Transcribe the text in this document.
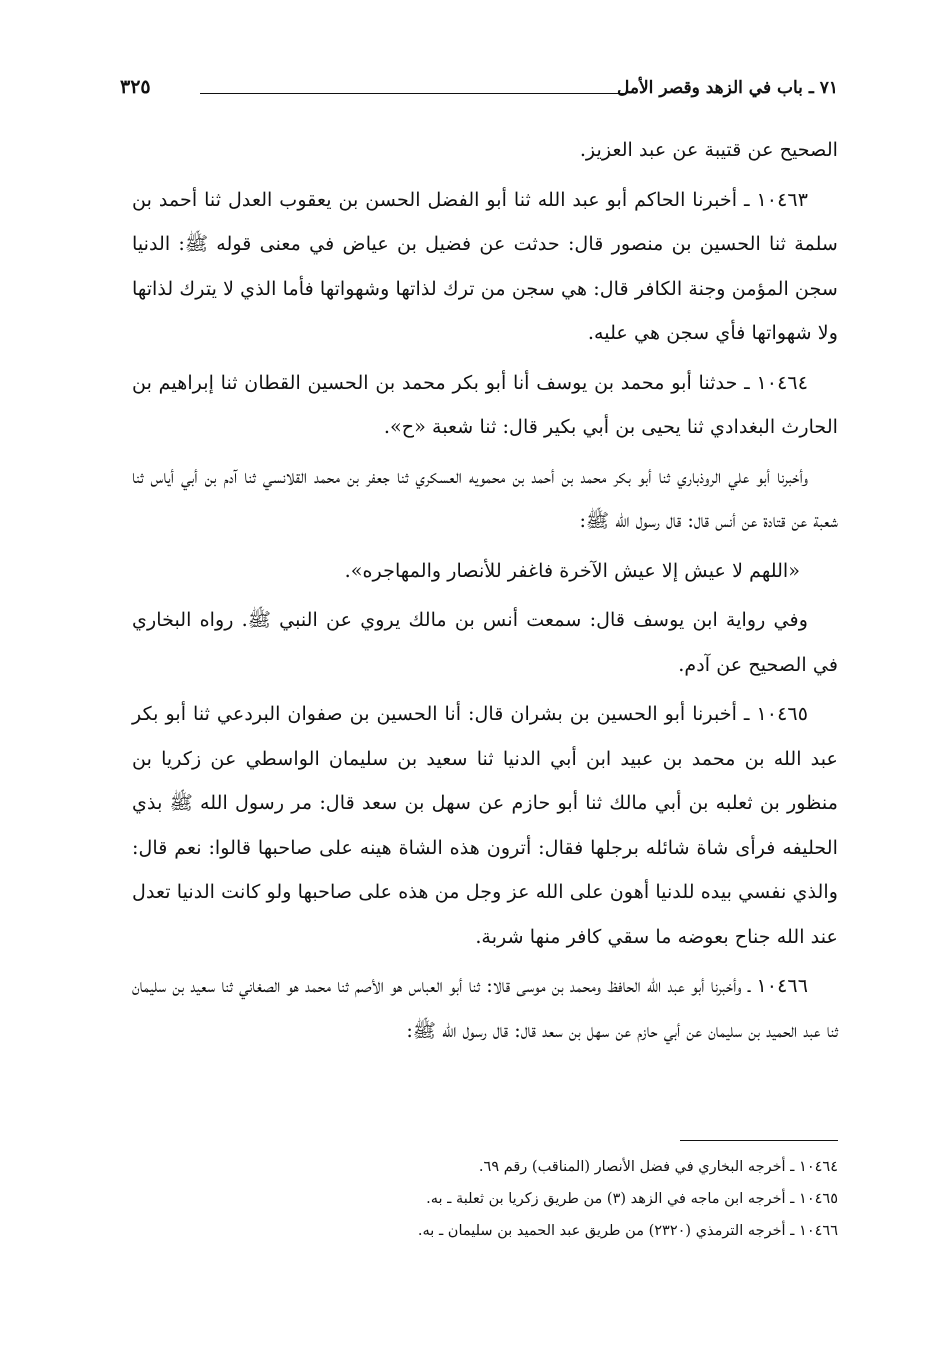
٧١ ـ باب في الزهد وقصر الأمل
٣٢٥

الصحيح عن قتيبة عن عبد العزيز.

١٠٤٦٣ ـ أخبرنا الحاكم أبو عبد الله ثنا أبو الفضل الحسن بن يعقوب العدل ثنا أحمد بن سلمة ثنا الحسين بن منصور قال: حدثت عن فضيل بن عياض في معنى قوله ﷺ: الدنيا سجن المؤمن وجنة الكافر قال: هي سجن من ترك لذاتها وشهواتها فأما الذي لا يترك لذاتها ولا شهواتها فأي سجن هي عليه.

١٠٤٦٤ ـ حدثنا أبو محمد بن يوسف أنا أبو بكر محمد بن الحسين القطان ثنا إبراهيم بن الحارث البغدادي ثنا يحيى بن أبي بكير قال: ثنا شعبة «ح».

وأخبرنا أبو علي الروذباري ثنا أبو بكر محمد بن أحمد بن محمويه العسكري ثنا جعفر بن محمد القلانسي ثنا آدم بن أبي أياس ثنا شعبة عن قتادة عن أنس قال: قال رسول الله ﷺ:

«اللهم لا عيش إلا عيش الآخرة فاغفر للأنصار والمهاجره».

وفي رواية ابن يوسف قال: سمعت أنس بن مالك يروي عن النبي ﷺ. رواه البخاري في الصحيح عن آدم.

١٠٤٦٥ ـ أخبرنا أبو الحسين بن بشران قال: أنا الحسين بن صفوان البردعي ثنا أبو بكر عبد الله بن محمد بن عبيد ابن أبي الدنيا ثنا سعيد بن سليمان الواسطي عن زكريا بن منظور بن ثعلبه بن أبي مالك ثنا أبو حازم عن سهل بن سعد قال: مر رسول الله ﷺ بذي الحليفه فرأى شاة شائله برجلها فقال: أترون هذه الشاة هينه على صاحبها قالوا: نعم قال: والذي نفسي بيده للدنيا أهون على الله عز وجل من هذه على صاحبها ولو كانت الدنيا تعدل عند الله جناح بعوضه ما سقي كافر منها شربة.

١٠٤٦٦ ـ وأخبرنا أبو عبد الله الحافظ ومحمد بن موسى قالا: ثنا أبو العباس هو الأصم ثنا محمد هو الصغاني ثنا سعيد بن سليمان ثنا عبد الحميد بن سليمان عن أبي حازم عن سهل بن سعد قال: قال رسول الله ﷺ:

١٠٤٦٤ ـ أخرجه البخاري في فضل الأنصار (المناقب) رقم ٦٩.

١٠٤٦٥ ـ أخرجه ابن ماجه في الزهد (٣) من طريق زكريا بن ثعلبة ـ به.

١٠٤٦٦ ـ أخرجه الترمذي (٢٣٢٠) من طريق عبد الحميد بن سليمان ـ به.
